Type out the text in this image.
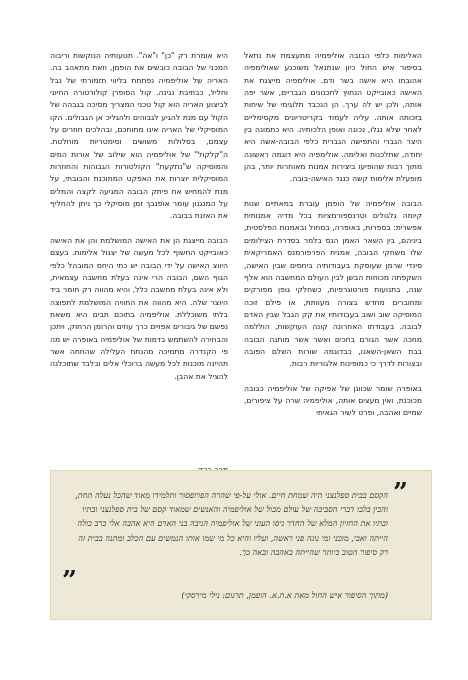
האלימות כלפי הבובה אוליפמיה מתעצמת את נתאל בסיפור איש החול כיון שנתנאל משוכנע שאולימפיה אהובתו היא אישה בשר ודם. אולימפיה מייצגת את האישה כאובייקט הנחוץ לתכנונים הגבריים, אשר יפה אותה, ולכן יש לה ערך. הן הנכבד תלוגימי של שיחות בזכותה אותה. עליה לעמוד בקריטריונים מקסימליים לאחר שלא נגלו, נכונה ואופן הלכותיה. היא כתמונה בין היצר הגברי והתפישה הגברית כלפי הבובה-אשה היא יחודה, שתלכנות ואלימה. אולימפיה היא דוגמה ראשונה מתוך רבות שהופיעו ביצירות אמנות מאוחרות יותר, בהן מופעלת אלימות קשה כנגד האישה-בובה.

הבובה אוליפמיה של הופמן עוברת במאתיים שנות קיומה גלגולים וטרנספורמציות בכל מדיה אמנותית אפשרית: בספרות, באופרה, במחול ובאמנות הפלסטית, ביניהם, בין השאר האמן הנס בלמר בסדרת הצילומים שלו משחקי הבובה, אמנית הפרפורמנס האמריקאית סינדי שרמן שעוסקת בעבודותיה ביחסים שבין האישה, השקפתה מכוחות הבשן לבין העולם המחשבה הוא אלף שנה, בתנועות פורטוגרפיות, כשחלקי גופן מפורקים ומחוברים מחדש בצורה מעוותת, או פילם זוכה המוסיקה שוב ושוב בעבודותיו את קק הגבל שבין האדם לבובה. בעבודתו האחרונה קונה העוקשות, הוללמה מחכה אשר הגורם בחכים ואשר אשר מותגה הבובה בבת השאן-השאנו, כבדוגמה שורות השלם הפובה ובצורות לדרך כי כמופינות אלגוריות רבות.

באופרה שומר שכוונן של אפיקה של אוליפמיה כבובה מכוכנת, ואין מעצים אותה, אוליפמיה שרה על ציפורים, שמיים ואהבה, ופרט לשיר הגאיתי

היא אומרת רק "כן" ו"אה". תנועותיה הנוקשות וריבוה המכני של הבובה כובשים את הופמן, וזאת מתאהב בה. האריה של אוליפמיה נפתחת בליווי תזמורתי של נבל וחליל, כבתיבת נגינה. קול הסופרן קולורטורה החיוני לביצוע האריה הוא קול טכני המצריך מסיכה בגבהה של הקול עם מנת להגיע לגבוהים ולהגליכ אן הגבולים. הקו המוסיקלי של האריה אינו מתוחכם, ובהלכים חוזרים על עצמם, בסלולות משושים וסימטריות מוחלטת. ה"קלקול" של אוליפמיה הוא שילוב של אורות המים והמוסיקה ש"נתקעת" הקולטורות הגבוהות והחוזרות המוסיקלית יוצרות את האפקט המתוכנת והבובתי, על מנת להמחיש את פיתק הבובה המגיעה לקצה והמלים על המנגנון עומר אופנבך זמן מוסיקלי כך ניתן להחליף את האזנת בבובה.

הבובה מייצגת הן את האישה המושלמת והן את האישה כאובייקט החשוף לכל מעשה של יצנול אלימות. בעצם היווצ האישה על ידי הבובה יש כתי היחס המובהל כלפי הגוף השם, הבובה הרי אינה בעלת מחשבה עצמאית, ולא אינה בעלת מחשבה כלל, והיא מהווה רק חומר ביד היוצר שלה. היא מהווה את החוויה המושלמת לתפוצה בלתי משוכללת. אוליפמיה בתוכם תבים היא משאת נפשם של גיבורים אפויים כרך עוזים והרומן הרחוק, ויתכן והבחירה להשתמש בדמות של אוליפמיה באופרה יש מה פי הקנדרה מתמיכה מהנתח העלילה שהחתה אשר תהיינה מוכנות לכל מעשה ברוכלי אלים ובלבד שתוכלנה להציל את אהבן.

”
הקסם בבית ספלנצני היה שמחת חיים. אולי על-פי שהרה הפרופסור ותלמידו מאוד שהכל נעלה תחת, והבין בלבו דברי הסביבה של עולם מבול של אוליפמיה והאנשים שמאוד קסם של בית ספלנצני ובתיו ובתיו את החזיון המלא של החדר ניסו העוני של אוליפמיה הניבה בני האדם היא אהבה אלי כרב כולה הייתה ואבי, מוכני ומי נוגה פני ראשה, ועליו והיא כל מי שמו אותו הנמשים עם הכלב ומתנה בבית זה רק סיפור הטוב ביותר שהייתה באהבה ובאה כך.
”	(מתוך הסיפור איש החול מאת א.ת.א. הופמן, תרגום: נילי מירסקי)
